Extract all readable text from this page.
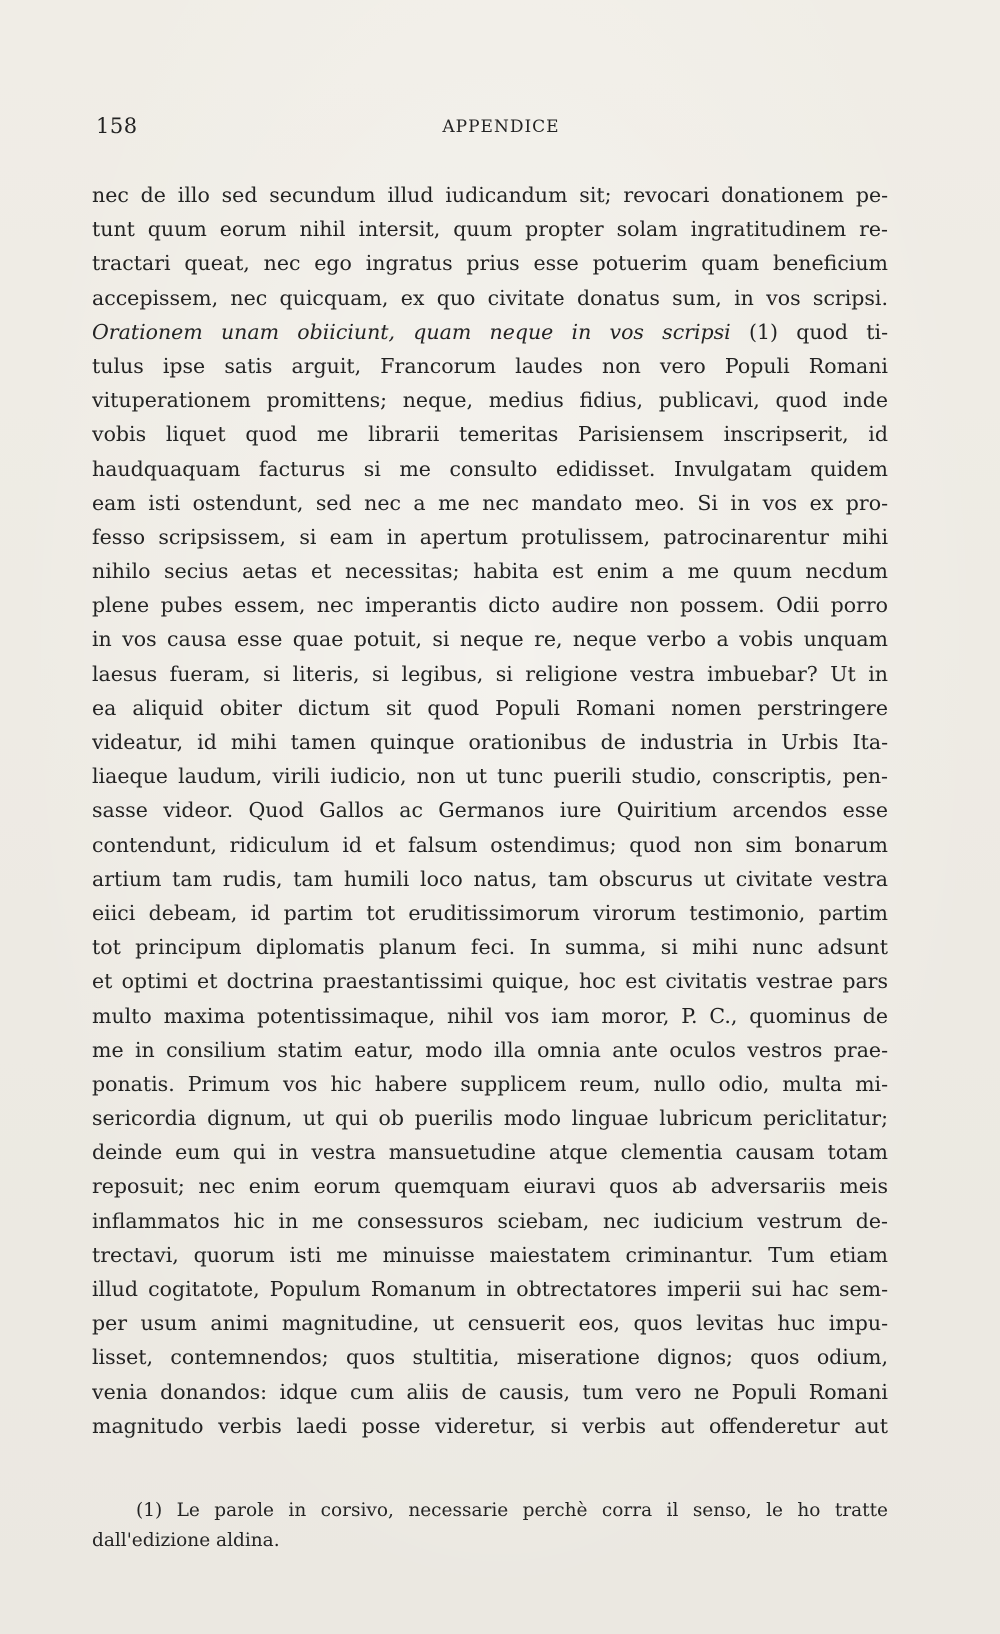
158	APPENDICE
nec de illo sed secundum illud iudicandum sit; revocari donationem pe-
tunt quum eorum nihil intersit, quum propter solam ingratitudinem re-
tractari queat, nec ego ingratus prius esse potuerim quam beneficium
accepissem, nec quicquam, ex quo civitate donatus sum, in vos scripsi.
Orationem unam obiiciunt, quam neque in vos scripsi (1) quod ti-
tulus ipse satis arguit, Francorum laudes non vero Populi Romani
vituperationem promittens; neque, medius fidius, publicavi, quod inde
vobis liquet quod me librarii temeritas Parisiensem inscripserit, id
haudquaquam facturus si me consulto edidisset. Invulgatam quidem
eam isti ostendunt, sed nec a me nec mandato meo. Si in vos ex pro-
fesso scripsissem, si eam in apertum protulissem, patrocinarentur mihi
nihilo secius aetas et necessitas; habita est enim a me quum necdum
plene pubes essem, nec imperantis dicto audire non possem. Odii porro
in vos causa esse quae potuit, si neque re, neque verbo a vobis unquam
laesus fueram, si literis, si legibus, si religione vestra imbuebar? Ut in
ea aliquid obiter dictum sit quod Populi Romani nomen perstringere
videatur, id mihi tamen quinque orationibus de industria in Urbis Ita-
liaeque laudum, virili iudicio, non ut tunc puerili studio, conscriptis, pen-
sasse videor. Quod Gallos ac Germanos iure Quiritium arcendos esse
contendunt, ridiculum id et falsum ostendimus; quod non sim bonarum
artium tam rudis, tam humili loco natus, tam obscurus ut civitate vestra
eiici debeam, id partim tot eruditissimorum virorum testimonio, partim
tot principum diplomatis planum feci. In summa, si mihi nunc adsunt
et optimi et doctrina praestantissimi quique, hoc est civitatis vestrae pars
multo maxima potentissimaque, nihil vos iam moror, P. C., quominus de
me in consilium statim eatur, modo illa omnia ante oculos vestros prae-
ponatis. Primum vos hic habere supplicem reum, nullo odio, multa mi-
sericordia dignum, ut qui ob puerilis modo linguae lubricum periclitatur;
deinde eum qui in vestra mansuetudine atque clementia causam totam
reposuit; nec enim eorum quemquam eiuravi quos ab adversariis meis
inflammatos hic in me consessuros sciebam, nec iudicium vestrum de-
trectavi, quorum isti me minuisse maiestatem criminantur. Tum etiam
illud cogitatote, Populum Romanum in obtrectatores imperii sui hac sem-
per usum animi magnitudine, ut censuerit eos, quos levitas huc impu-
lisset, contemnendos; quos stultitia, miseratione dignos; quos odium,
venia donandos: idque cum aliis de causis, tum vero ne Populi Romani
magnitudo verbis laedi posse videretur, si verbis aut offenderetur aut
(1) Le parole in corsivo, necessarie perchè corra il senso, le ho tratte
dall'edizione aldina.
